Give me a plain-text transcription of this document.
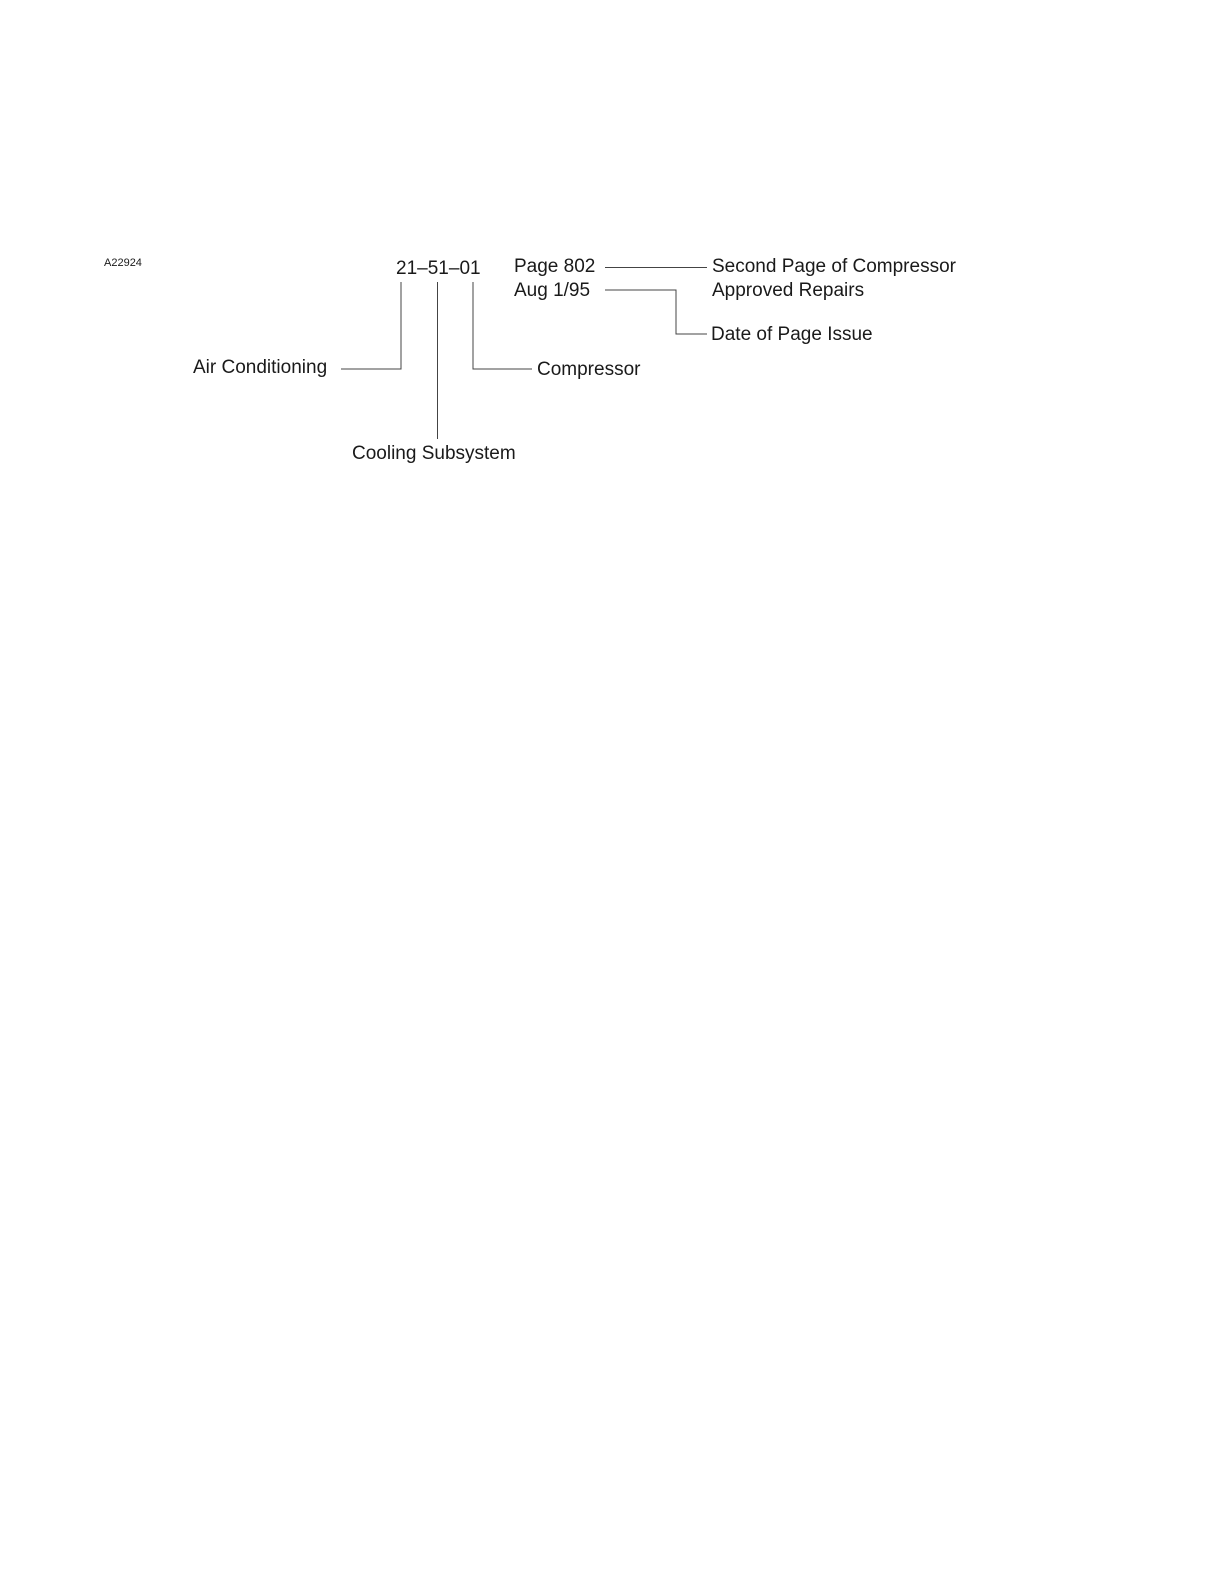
A22924	21–51–01 Page 802
Aug 1/95
Second Page of Compressor
Approved Repairs
Date of Page Issue
Air Conditioning	Compressor
Cooling Subsystem
